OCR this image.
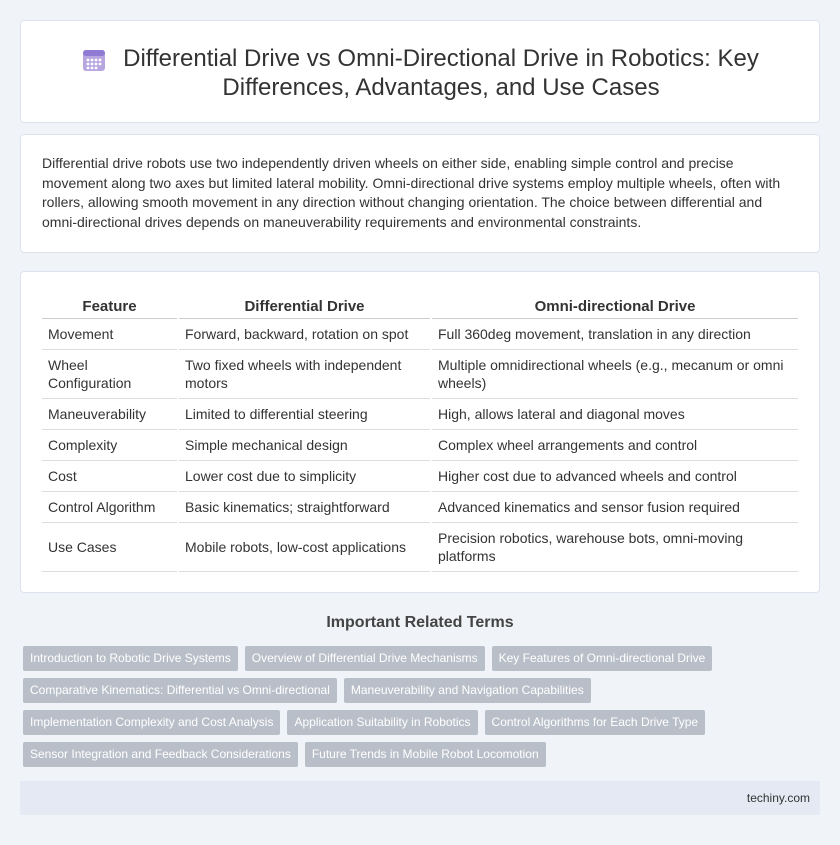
Differential Drive vs Omni-Directional Drive in Robotics: Key Differences, Advantages, and Use Cases

Differential drive robots use two independently driven wheels on either side, enabling simple control and precise movement along two axes but limited lateral mobility. Omni-directional drive systems employ multiple wheels, often with rollers, allowing smooth movement in any direction without changing orientation. The choice between differential and omni-directional drives depends on maneuverability requirements and environmental constraints.

Feature	Differential Drive	Omni-directional Drive
Movement	Forward, backward, rotation on spot	Full 360deg movement, translation in any direction
Wheel Configuration	Two fixed wheels with independent motors	Multiple omnidirectional wheels (e.g., mecanum or omni wheels)
Maneuverability	Limited to differential steering	High, allows lateral and diagonal moves
Complexity	Simple mechanical design	Complex wheel arrangements and control
Cost	Lower cost due to simplicity	Higher cost due to advanced wheels and control
Control Algorithm	Basic kinematics; straightforward	Advanced kinematics and sensor fusion required
Use Cases	Mobile robots, low-cost applications	Precision robotics, warehouse bots, omni-moving platforms
Important Related Terms
Introduction to Robotic Drive Systems	Overview of Differential Drive Mechanisms	Key Features of Omni-directional Drive
Comparative Kinematics: Differential vs Omni-directional	Maneuverability and Navigation Capabilities
Implementation Complexity and Cost Analysis	Application Suitability in Robotics	Control Algorithms for Each Drive Type
Sensor Integration and Feedback Considerations	Future Trends in Mobile Robot Locomotion
techiny.com
